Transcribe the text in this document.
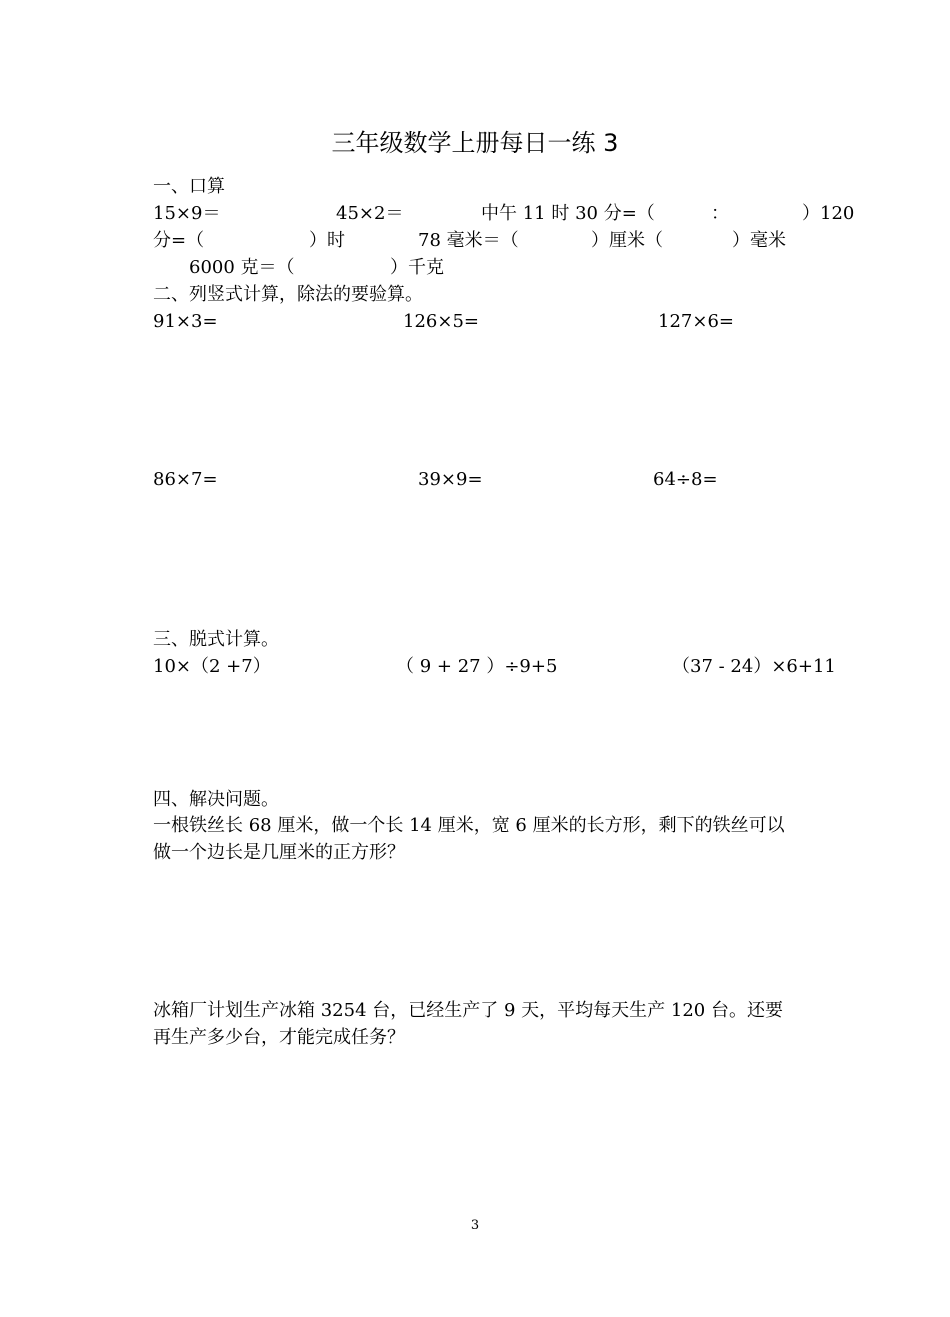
三年级数学上册每日一练 3
一、口算
15×9＝	45×2＝	中午 11 时 30 分=（	：	）120
分=（	）时	78 毫米＝（	）厘米（	）毫米
6000 克＝（	）千克
二、列竖式计算，除法的要验算。
91×3=	126×5=	127×6=
86×7=	39×9=	64÷8=
三、脱式计算。
10×（2 +7）	（ 9 + 27 ）÷9+5	（37 - 24）×6+11
四、解决问题。
一根铁丝长 68 厘米，做一个长 14 厘米，宽 6 厘米的长方形，剩下的铁丝可以
做一个边长是几厘米的正方形？
冰箱厂计划生产冰箱 3254 台，已经生产了 9 天，平均每天生产 120 台。还要
再生产多少台，才能完成任务？
3
